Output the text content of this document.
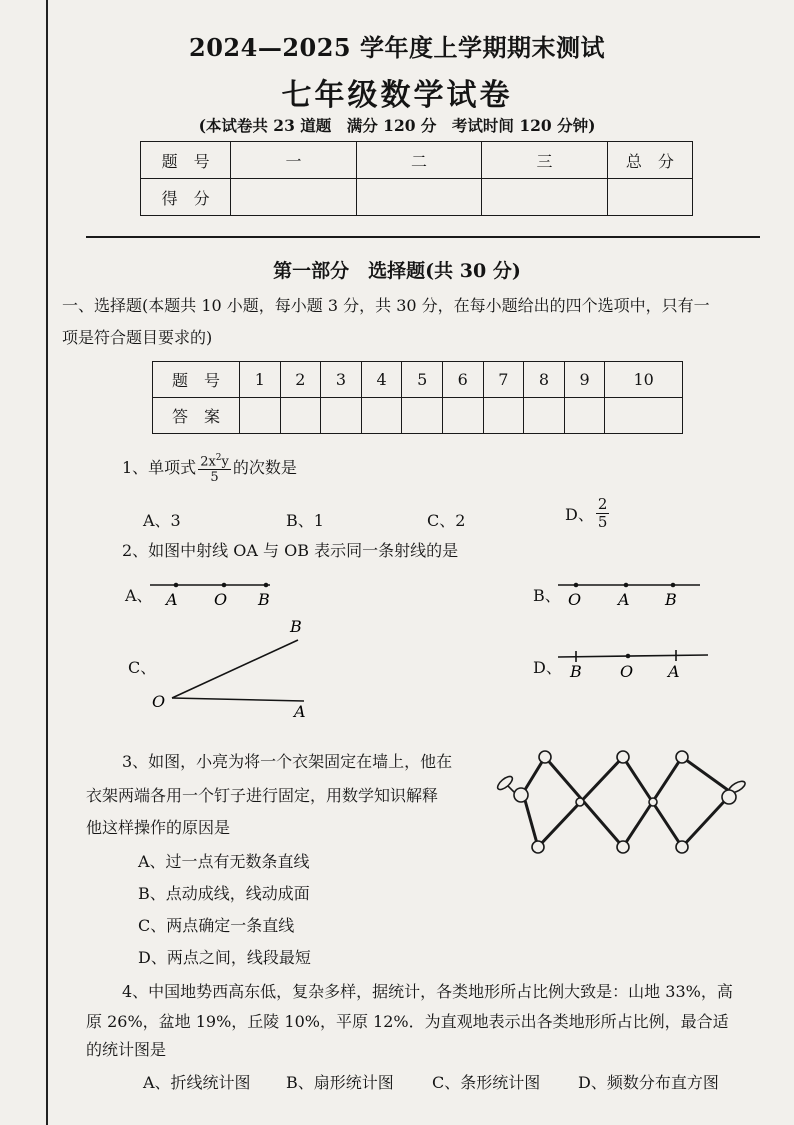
2024—2025 学年度上学期期末测试
七年级数学试卷
(本试卷共 23 道题　满分 120 分　考试时间 120 分钟)
题　号	一	二	三	总　分
得　分				
第一部分　选择题(共 30 分)
一、选择题(本题共 10 小题，每小题 3 分，共 30 分，在每小题给出的四个选项中，只有一
项是符合题目要求的)
题　号	1	2	3	4	5	6	7	8	9	10
答　案										
1、单项式 $\frac{2x^2y}{5}$ 的次数是
A、3	B、1	C、2	D、 $\frac{2}{5}$
2、如图中射线 OA 与 OB 表示同一条射线的是
A、 A O B	B、 O A B
C、
O
A
B
D、 B O A
3、如图，小亮为将一个衣架固定在墙上，他在
衣架两端各用一个钉子进行固定，用数学知识解释
他这样操作的原因是
A、过一点有无数条直线
B、点动成线，线动成面
C、两点确定一条直线
D、两点之间，线段最短
4、中国地势西高东低，复杂多样，据统计，各类地形所占比例大致是：山地 33%，高
原 26%，盆地 19%，丘陵 10%，平原 12%．为直观地表示出各类地形所占比例，最合适
的统计图是
A、折线统计图 B、扇形统计图 C、条形统计图 D、频数分布直方图
